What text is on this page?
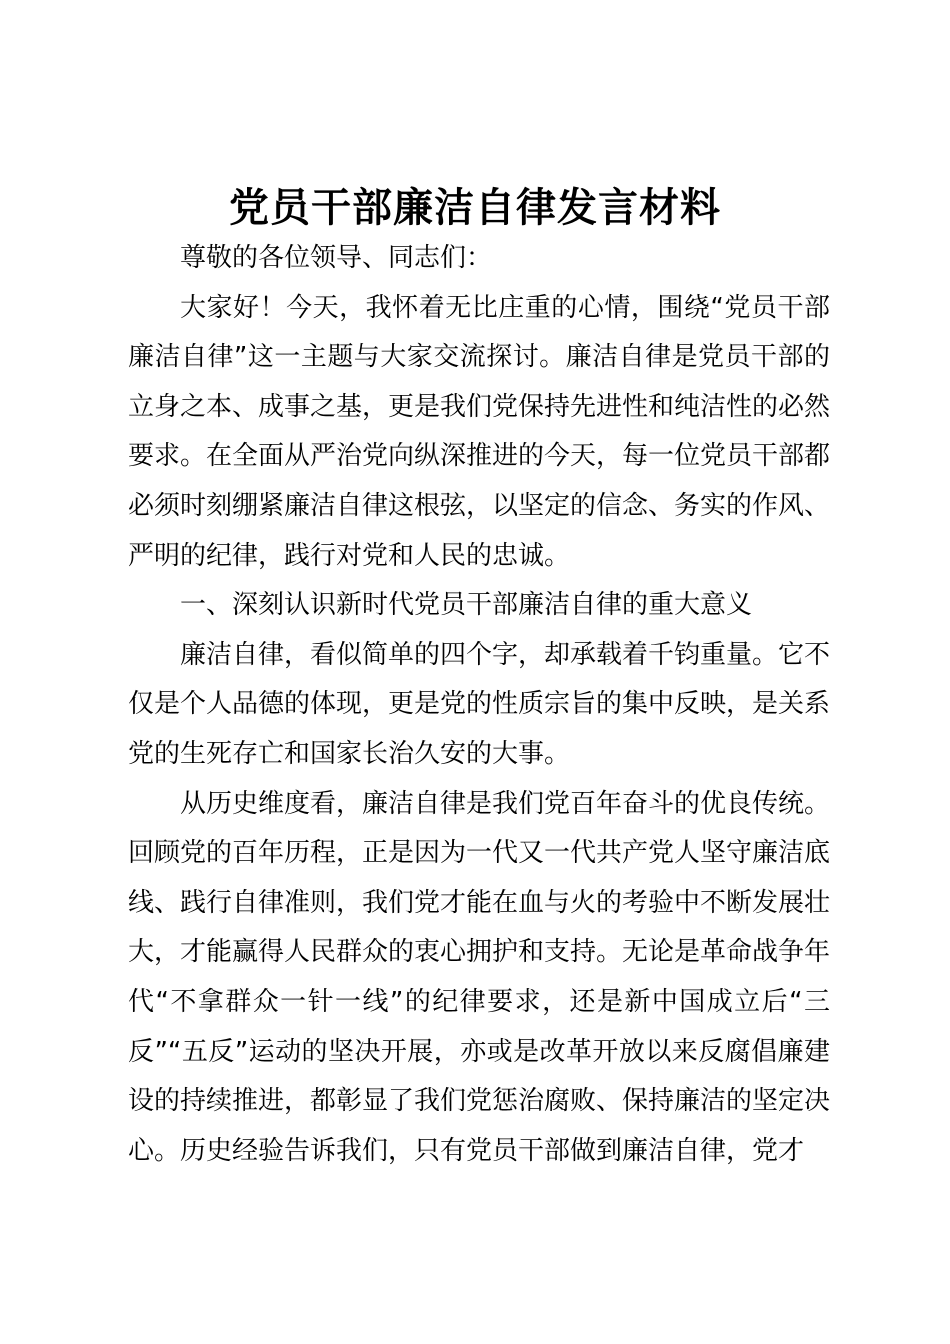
党员干部廉洁自律发言材料

尊敬的各位领导、同志们：

大家好！今天，我怀着无比庄重的心情，围绕“党员干部廉洁自律”这一主题与大家交流探讨。廉洁自律是党员干部的立身之本、成事之基，更是我们党保持先进性和纯洁性的必然要求。在全面从严治党向纵深推进的今天，每一位党员干部都必须时刻绷紧廉洁自律这根弦，以坚定的信念、务实的作风、严明的纪律，践行对党和人民的忠诚。

一、深刻认识新时代党员干部廉洁自律的重大意义

廉洁自律，看似简单的四个字，却承载着千钧重量。它不仅是个人品德的体现，更是党的性质宗旨的集中反映，是关系党的生死存亡和国家长治久安的大事。

从历史维度看，廉洁自律是我们党百年奋斗的优良传统。回顾党的百年历程，正是因为一代又一代共产党人坚守廉洁底线、践行自律准则，我们党才能在血与火的考验中不断发展壮大，才能赢得人民群众的衷心拥护和支持。无论是革命战争年代“不拿群众一针一线”的纪律要求，还是新中国成立后“三反”“五反”运动的坚决开展，亦或是改革开放以来反腐倡廉建设的持续推进，都彰显了我们党惩治腐败、保持廉洁的坚定决心。历史经验告诉我们，只有党员干部做到廉洁自律，党才
